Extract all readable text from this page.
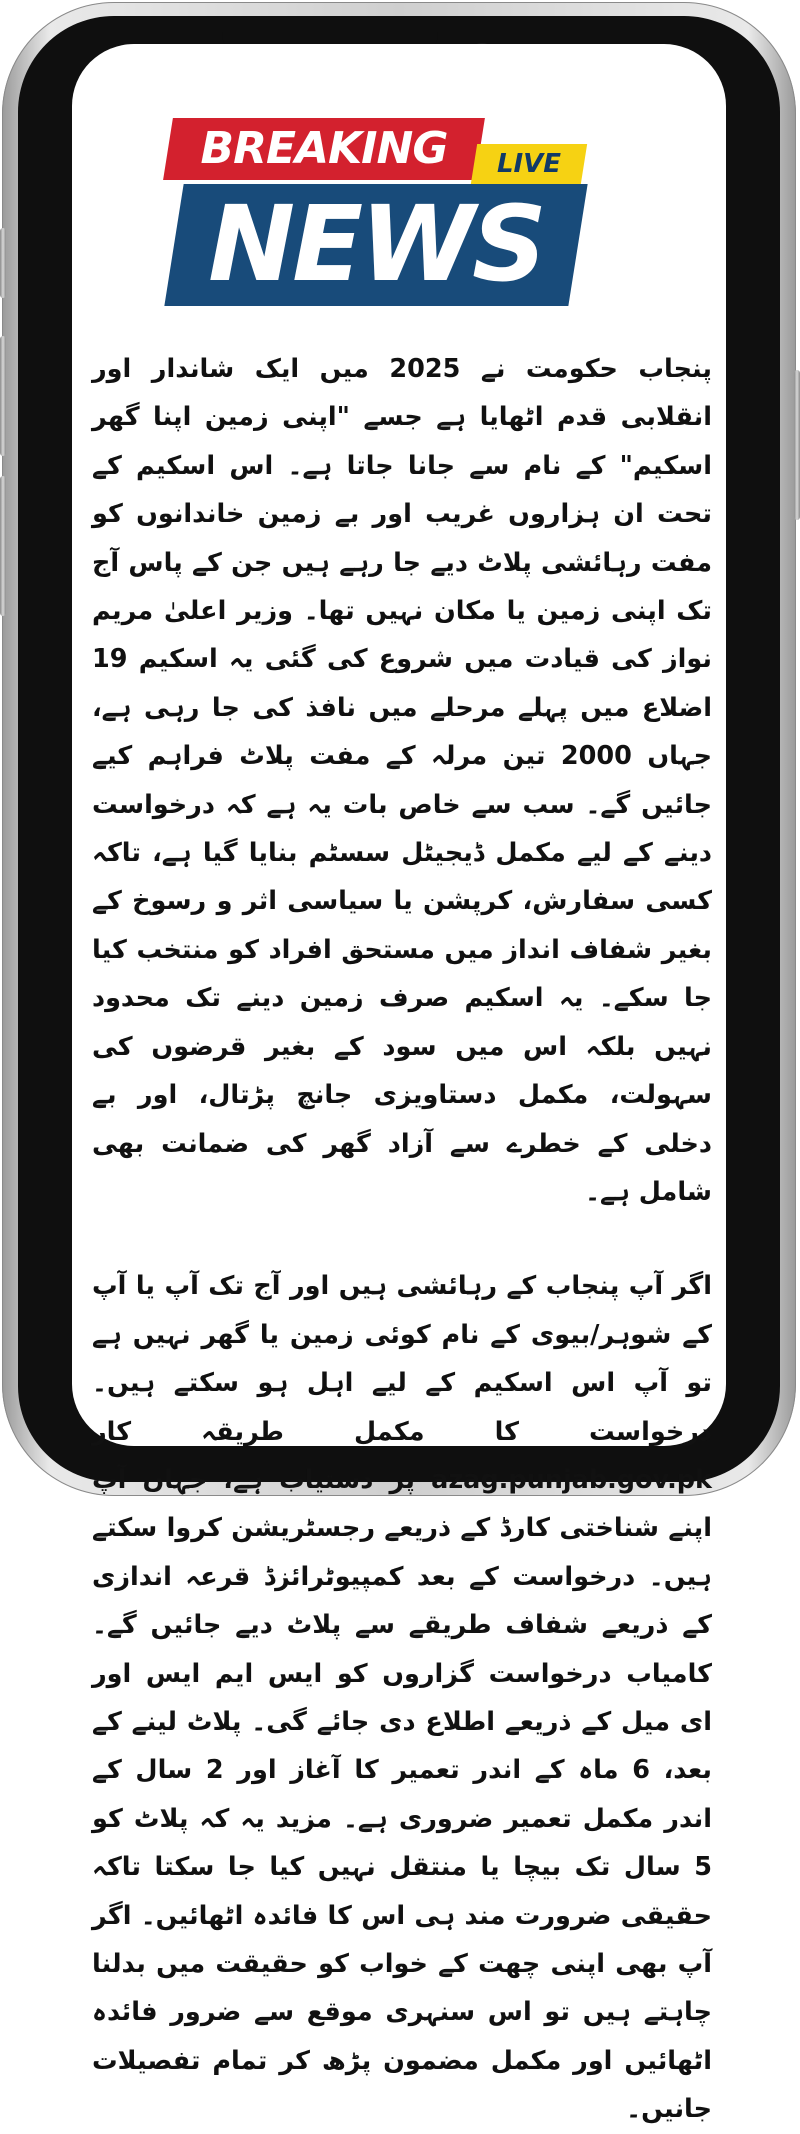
BREAKING	LIVE
NEWS

پنجاب حکومت نے 2025 میں ایک شاندار اور انقلابی قدم اٹھایا ہے جسے "اپنی زمین اپنا گھر اسکیم" کے نام سے جانا جاتا ہے۔ اس اسکیم کے تحت ان ہزاروں غریب اور بے زمین خاندانوں کو مفت رہائشی پلاٹ دیے جا رہے ہیں جن کے پاس آج تک اپنی زمین یا مکان نہیں تھا۔ وزیر اعلیٰ مریم نواز کی قیادت میں شروع کی گئی یہ اسکیم 19 اضلاع میں پہلے مرحلے میں نافذ کی جا رہی ہے، جہاں 2000 تین مرلہ کے مفت پلاٹ فراہم کیے جائیں گے۔ سب سے خاص بات یہ ہے کہ درخواست دینے کے لیے مکمل ڈیجیٹل سسٹم بنایا گیا ہے، تاکہ کسی سفارش، کرپشن یا سیاسی اثر و رسوخ کے بغیر شفاف انداز میں مستحق افراد کو منتخب کیا جا سکے۔ یہ اسکیم صرف زمین دینے تک محدود نہیں بلکہ اس میں سود کے بغیر قرضوں کی سہولت، مکمل دستاویزی جانچ پڑتال، اور بے دخلی کے خطرے سے آزاد گھر کی ضمانت بھی شامل ہے۔

اگر آپ پنجاب کے رہائشی ہیں اور آج تک آپ یا آپ کے شوہر/بیوی کے نام کوئی زمین یا گھر نہیں ہے تو آپ اس اسکیم کے لیے اہل ہو سکتے ہیں۔ درخواست کا مکمل طریقہ کار azag.punjab.gov.pk پر دستیاب ہے، جہاں آپ اپنے شناختی کارڈ کے ذریعے رجسٹریشن کروا سکتے ہیں۔ درخواست کے بعد کمپیوٹرائزڈ قرعہ اندازی کے ذریعے شفاف طریقے سے پلاٹ دیے جائیں گے۔ کامیاب درخواست گزاروں کو ایس ایم ایس اور ای میل کے ذریعے اطلاع دی جائے گی۔ پلاٹ لینے کے بعد، 6 ماہ کے اندر تعمیر کا آغاز اور 2 سال کے اندر مکمل تعمیر ضروری ہے۔ مزید یہ کہ پلاٹ کو 5 سال تک بیچا یا منتقل نہیں کیا جا سکتا تاکہ حقیقی ضرورت مند ہی اس کا فائدہ اٹھائیں۔ اگر آپ بھی اپنی چھت کے خواب کو حقیقت میں بدلنا چاہتے ہیں تو اس سنہری موقع سے ضرور فائدہ اٹھائیں اور مکمل مضمون پڑھ کر تمام تفصیلات جانیں۔
